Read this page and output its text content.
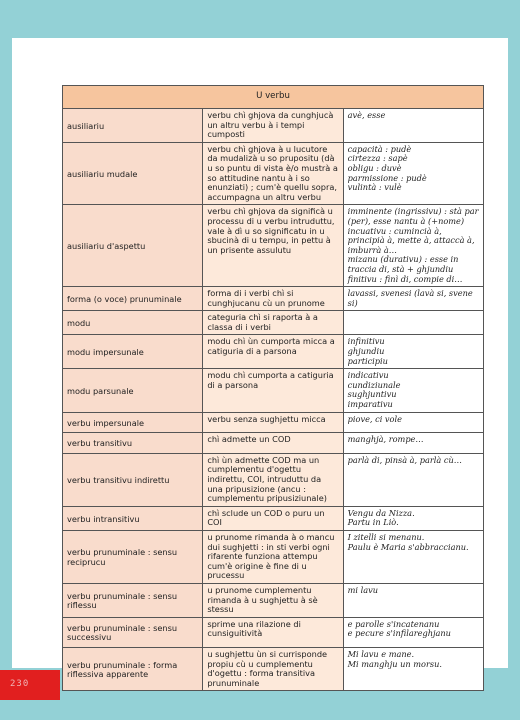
U verbu		
ausiliariu	verbu chì ghjova da cunghjucà un altru verbu à i tempi cumposti	avè, esse
ausiliariu mudale	verbu chì ghjova à u lucutore da mudalizà u so prupositu (dà u so puntu di vista è/o mustrà a so attitudine nantu à i so enunziati) ; cum'è quellu sopra, accumpagna un altru verbu	capacità : pudè
cirtezza : sapè
obligu : duvè
parmissione : pudè
vulintà : vulè
ausiliariu d'aspettu	verbu chì ghjova da significà u processu di u verbu intruduttu, vale à dì u so significatu in u sbucinà di u tempu, in pettu à un prisente assulutu	imminente (ingrissivu) : stà par (per), esse nantu à (+nome)
incuativu : cumincià à, principià à, mette à, attaccà à, imburrà à…
mizanu (durativu) : esse in traccia di, stà + ghjundiu
finitivu : finì di, compie di…
forma (o voce) prunuminale	forma di i verbi chì si cunghjucanu cù un prunome	lavassi, svenesi (lavà si, svene si)
modu	categuria chì si raporta à a classa di i verbi	
modu impersunale	modu chì ùn cumporta micca a catiguria di a parsona	infinitivu
ghjundiu
participiu
modu parsunale	modu chì cumporta a catiguria di a parsona	indicativu
cundiziunale
sughjuntivu
imparativu
verbu impersunale	verbu senza sughjettu micca	piove, ci vole
verbu transitivu	chì admette un COD	manghjà, rompe…
verbu transitivu indirettu	chì ùn admette COD ma un cumplementu d'ogettu indirettu, COI, intruduttu da una pripusizione (ancu : cumplementu pripusiziunale)	parlà di, pinsà à, parlà cù…
verbu intransitivu	chì sclude un COD o puru un COI	Vengu da Nizza.
Partu in Liò.
verbu prunuminale : sensu reciprucu	u prunome rimanda à o mancu dui sughjetti : in sti verbi ogni rifarente funziona attempu cum'è origine è fine di u prucessu	I zitelli si menanu.
Paulu è Maria s'abbraccianu.
verbu prunuminale : sensu riflessu	u prunome cumplementu rimanda à u sughjettu à sè stessu	mi lavu
verbu prunuminale : sensu successivu	sprime una rilazione di cunsiguitività	e parolle s'incatenanu
e pecure s'infilareghjanu
verbu prunuminale : forma riflessiva apparente	u sughjettu ùn si currisponde propiu cù u cumplementu d'ogettu : forma transitiva prunuminale	Mi lavu e mane.
Mi manghju un morsu.
230
